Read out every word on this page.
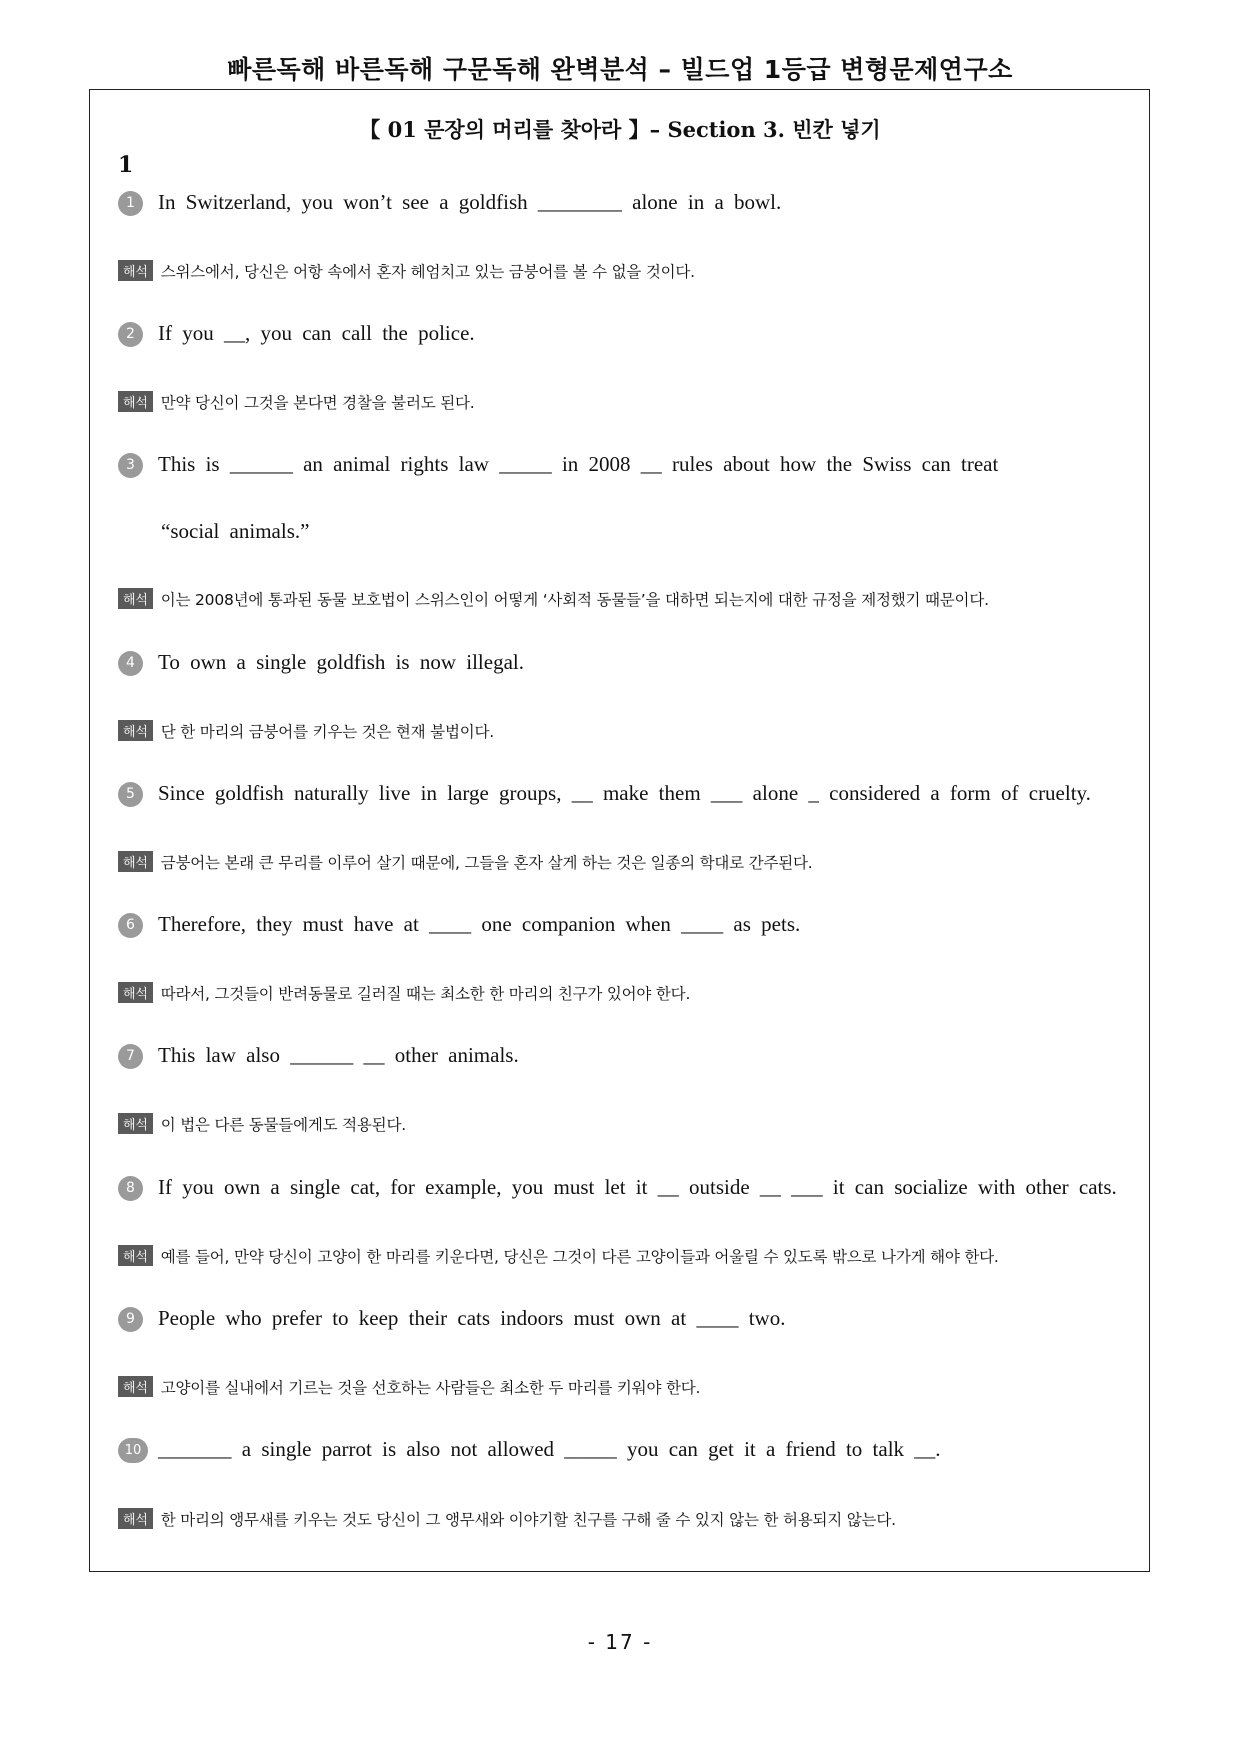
빠른독해 바른독해 구문독해 완벽분석 – 빌드업 1등급 변형문제연구소
【 01 문장의 머리를 찾아라 】– Section 3. 빈칸 넣기
1
1 In Switzerland, you won’t see a goldfish ________ alone in a bowl.
해석 스위스에서, 당신은 어항 속에서 혼자 헤엄치고 있는 금붕어를 볼 수 없을 것이다.
2 If you __, you can call the police.
해석 만약 당신이 그것을 본다면 경찰을 불러도 된다.
3 This is ______ an animal rights law _____ in 2008 __ rules about how the Swiss can treat
“social animals.”
해석 이는 2008년에 통과된 동물 보호법이 스위스인이 어떻게 ‘사회적 동물들’을 대하면 되는지에 대한 규정을 제정했기 때문이다.
4 To own a single goldfish is now illegal.
해석 단 한 마리의 금붕어를 키우는 것은 현재 불법이다.
5 Since goldfish naturally live in large groups, __ make them ___ alone _ considered a form of cruelty.
해석 금붕어는 본래 큰 무리를 이루어 살기 때문에, 그들을 혼자 살게 하는 것은 일종의 학대로 간주된다.
6 Therefore, they must have at ____ one companion when ____ as pets.
해석 따라서, 그것들이 반려동물로 길러질 때는 최소한 한 마리의 친구가 있어야 한다.
7 This law also ______ __ other animals.
해석 이 법은 다른 동물들에게도 적용된다.
8 If you own a single cat, for example, you must let it __ outside __ ___ it can socialize with other cats.
해석 예를 들어, 만약 당신이 고양이 한 마리를 키운다면, 당신은 그것이 다른 고양이들과 어울릴 수 있도록 밖으로 나가게 해야 한다.
9 People who prefer to keep their cats indoors must own at ____ two.
해석 고양이를 실내에서 기르는 것을 선호하는 사람들은 최소한 두 마리를 키워야 한다.
10 _______ a single parrot is also not allowed _____ you can get it a friend to talk __.
해석 한 마리의 앵무새를 키우는 것도 당신이 그 앵무새와 이야기할 친구를 구해 줄 수 있지 않는 한 허용되지 않는다.
- 17 -
